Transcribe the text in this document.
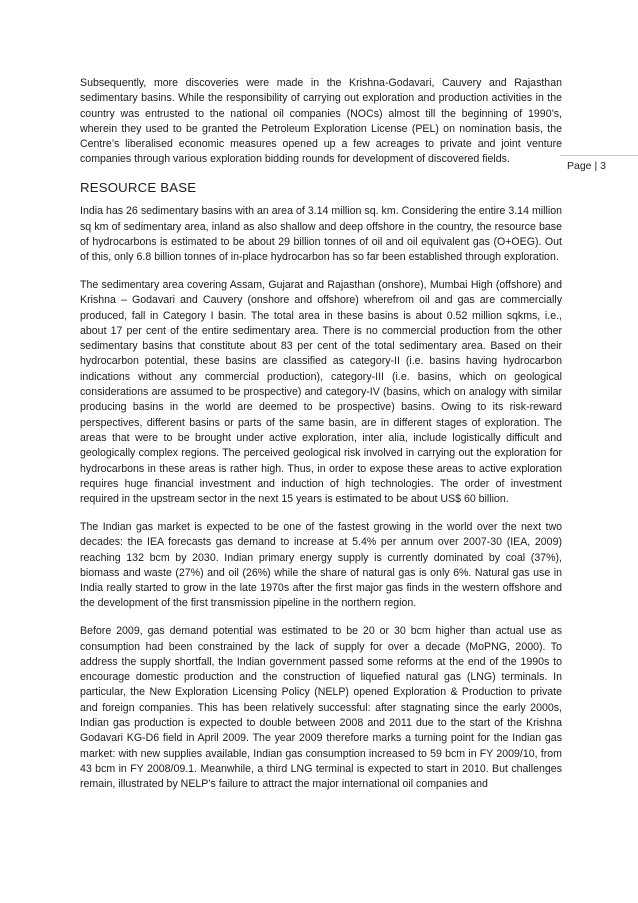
Page | 3

Subsequently, more discoveries were made in the Krishna-Godavari, Cauvery and Rajasthan sedimentary basins. While the responsibility of carrying out exploration and production activities in the country was entrusted to the national oil companies (NOCs) almost till the beginning of 1990’s, wherein they used to be granted the Petroleum Exploration License (PEL) on nomination basis, the Centre’s liberalised economic measures opened up a few acreages to private and joint venture companies through various exploration bidding rounds for development of discovered fields.

RESOURCE BASE

India has 26 sedimentary basins with an area of 3.14 million sq. km. Considering the entire 3.14 million sq km of sedimentary area, inland as also shallow and deep offshore in the country, the resource base of hydrocarbons is estimated to be about 29 billion tonnes of oil and oil equivalent gas (O+OEG). Out of this, only 6.8 billion tonnes of in-place hydrocarbon has so far been established through exploration.

The sedimentary area covering Assam, Gujarat and Rajasthan (onshore), Mumbai High (offshore) and Krishna – Godavari and Cauvery (onshore and offshore) wherefrom oil and gas are commercially produced, fall in Category I basin. The total area in these basins is about 0.52 million sqkms, i.e., about 17 per cent of the entire sedimentary area. There is no commercial production from the other sedimentary basins that constitute about 83 per cent of the total sedimentary area. Based on their hydrocarbon potential, these basins are classified as category-II (i.e. basins having hydrocarbon indications without any commercial production), category-III (i.e. basins, which on geological considerations are assumed to be prospective) and category-IV (basins, which on analogy with similar producing basins in the world are deemed to be prospective) basins. Owing to its risk-reward perspectives, different basins or parts of the same basin, are in different stages of exploration. The areas that were to be brought under active exploration, inter alia, include logistically difficult and geologically complex regions. The perceived geological risk involved in carrying out the exploration for hydrocarbons in these areas is rather high. Thus, in order to expose these areas to active exploration requires huge financial investment and induction of high technologies. The order of investment required in the upstream sector in the next 15 years is estimated to be about US$ 60 billion.

The Indian gas market is expected to be one of the fastest growing in the world over the next two decades: the IEA forecasts gas demand to increase at 5.4% per annum over 2007-30 (IEA, 2009) reaching 132 bcm by 2030. Indian primary energy supply is currently dominated by coal (37%), biomass and waste (27%) and oil (26%) while the share of natural gas is only 6%. Natural gas use in India really started to grow in the late 1970s after the first major gas finds in the western offshore and the development of the first transmission pipeline in the northern region.

Before 2009, gas demand potential was estimated to be 20 or 30 bcm higher than actual use as consumption had been constrained by the lack of supply for over a decade (MoPNG, 2000). To address the supply shortfall, the Indian government passed some reforms at the end of the 1990s to encourage domestic production and the construction of liquefied natural gas (LNG) terminals. In particular, the New Exploration Licensing Policy (NELP) opened Exploration & Production to private and foreign companies. This has been relatively successful: after stagnating since the early 2000s, Indian gas production is expected to double between 2008 and 2011 due to the start of the Krishna Godavari KG-D6 field in April 2009. The year 2009 therefore marks a turning point for the Indian gas market: with new supplies available, Indian gas consumption increased to 59 bcm in FY 2009/10, from 43 bcm in FY 2008/09.1. Meanwhile, a third LNG terminal is expected to start in 2010. But challenges remain, illustrated by NELP’s failure to attract the major international oil companies and
